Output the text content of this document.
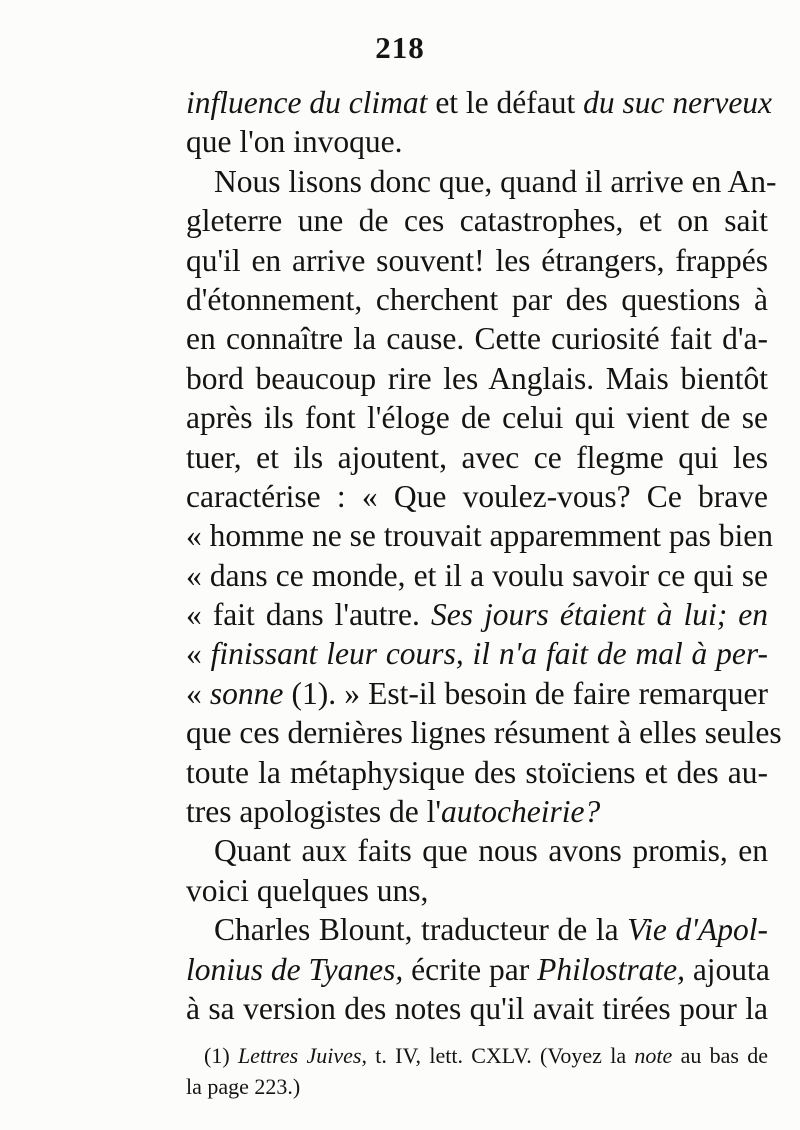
218
influence du climat et le défaut du suc nerveux
que l'on invoque.
Nous lisons donc que, quand il arrive en An-
gleterre une de ces catastrophes, et on sait
qu'il en arrive souvent! les étrangers, frappés
d'étonnement, cherchent par des questions à
en connaître la cause. Cette curiosité fait d'a-
bord beaucoup rire les Anglais. Mais bientôt
après ils font l'éloge de celui qui vient de se
tuer, et ils ajoutent, avec ce flegme qui les
caractérise : « Que voulez-vous? Ce brave
« homme ne se trouvait apparemment pas bien
« dans ce monde, et il a voulu savoir ce qui se
« fait dans l'autre. Ses jours étaient à lui; en
« finissant leur cours, il n'a fait de mal à per-
« sonne (1). » Est-il besoin de faire remarquer
que ces dernières lignes résument à elles seules
toute la métaphysique des stoïciens et des au-
tres apologistes de l'autocheirie?
Quant aux faits que nous avons promis, en
voici quelques uns,
Charles Blount, traducteur de la Vie d'Apol-
lonius de Tyanes, écrite par Philostrate, ajouta
à sa version des notes qu'il avait tirées pour la
(1) Lettres Juives, t. IV, lett. CXLV. (Voyez la note au bas de
la page 223.)
